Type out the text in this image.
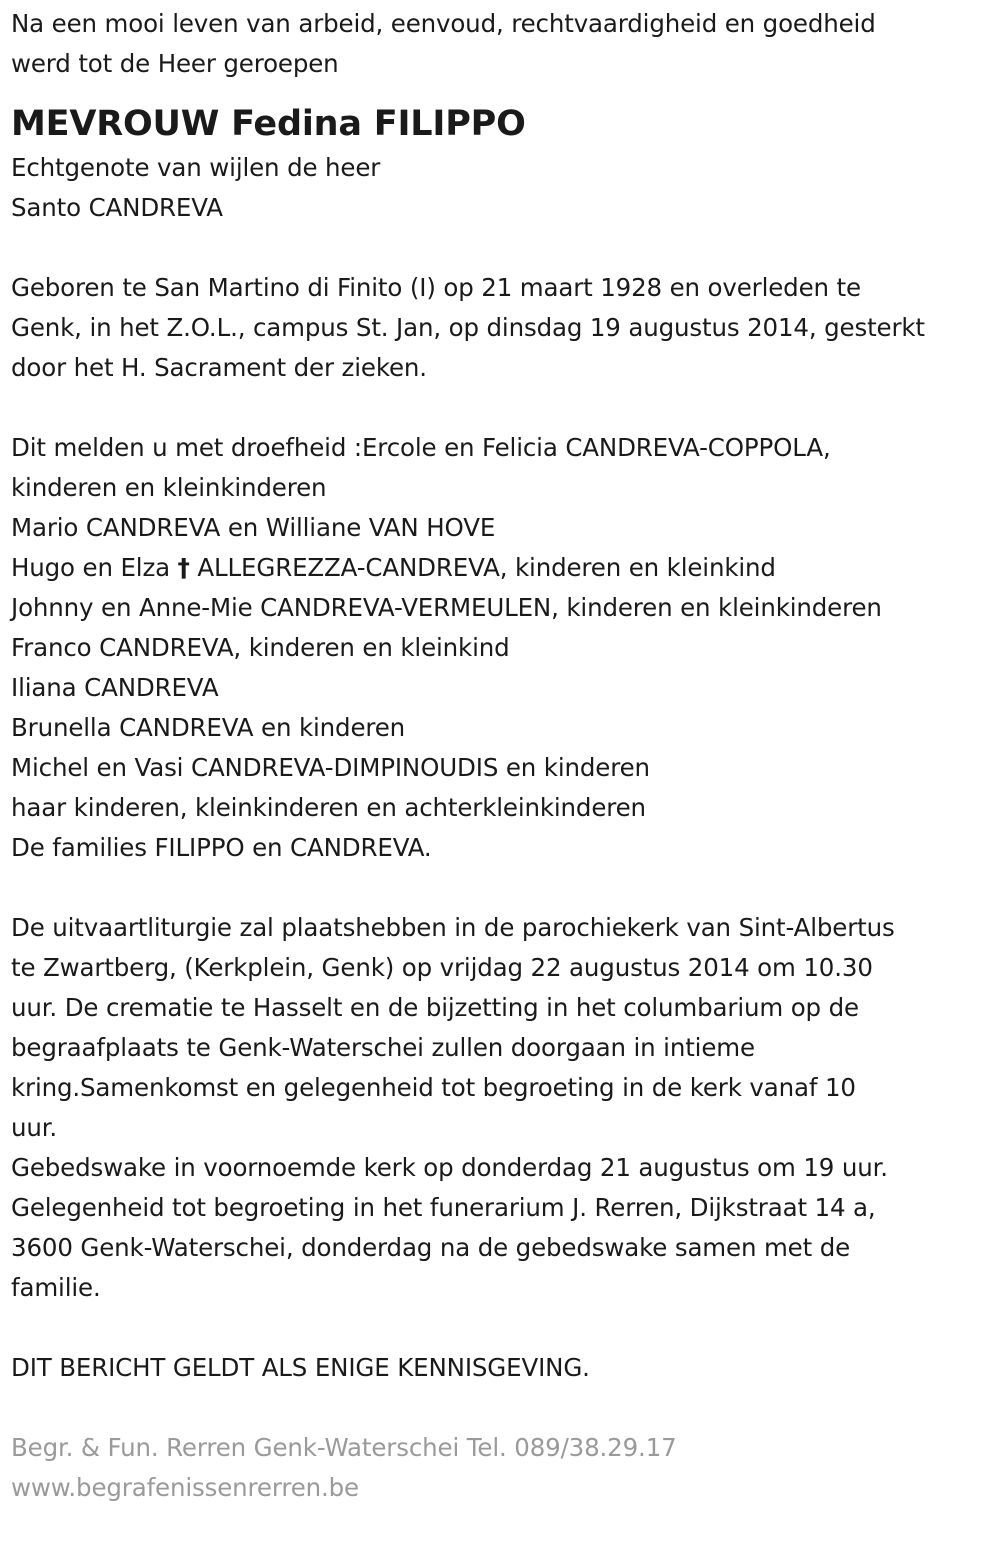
Na een mooi leven van arbeid, eenvoud, rechtvaardigheid en goedheid
werd tot de Heer geroepen
MEVROUW Fedina FILIPPO
Echtgenote van wijlen de heer
Santo CANDREVA
Geboren te San Martino di Finito (I) op 21 maart 1928 en overleden te
Genk, in het Z.O.L., campus St. Jan, op dinsdag 19 augustus 2014, gesterkt
door het H. Sacrament der zieken.
Dit melden u met droefheid :Ercole en Felicia CANDREVA-COPPOLA,
kinderen en kleinkinderen
Mario CANDREVA en Williane VAN HOVE
Hugo en Elza † ALLEGREZZA-CANDREVA, kinderen en kleinkind
Johnny en Anne-Mie CANDREVA-VERMEULEN, kinderen en kleinkinderen
Franco CANDREVA, kinderen en kleinkind
Iliana CANDREVA
Brunella CANDREVA en kinderen
Michel en Vasi CANDREVA-DIMPINOUDIS en kinderen
haar kinderen, kleinkinderen en achterkleinkinderen
De families FILIPPO en CANDREVA.
De uitvaartliturgie zal plaatshebben in de parochiekerk van Sint-Albertus
te Zwartberg, (Kerkplein, Genk) op vrijdag 22 augustus 2014 om 10.30
uur. De crematie te Hasselt en de bijzetting in het columbarium op de
begraafplaats te Genk-Waterschei zullen doorgaan in intieme
kring.Samenkomst en gelegenheid tot begroeting in de kerk vanaf 10
uur.
Gebedswake in voornoemde kerk op donderdag 21 augustus om 19 uur.
Gelegenheid tot begroeting in het funerarium J. Rerren, Dijkstraat 14 a,
3600 Genk-Waterschei, donderdag na de gebedswake samen met de
familie.
DIT BERICHT GELDT ALS ENIGE KENNISGEVING.
Begr. & Fun. Rerren Genk-Waterschei Tel. 089/38.29.17
www.begrafenissenrerren.be
